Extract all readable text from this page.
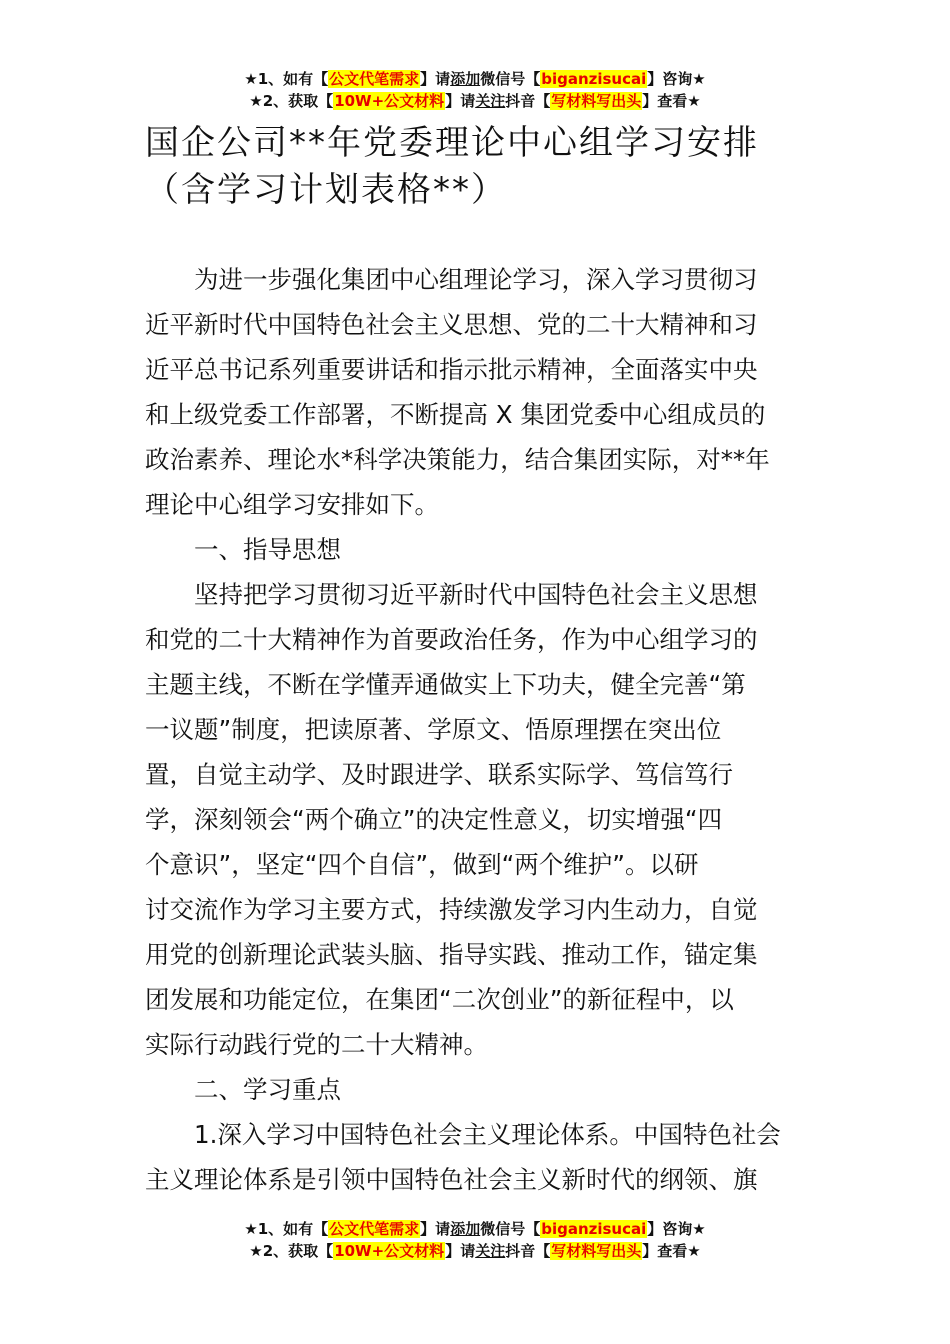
★1、如有【公文代笔需求】请添加微信号【biganzisucai】咨询★
★2、获取【10W+公文材料】请关注抖音【写材料写出头】查看★
国企公司**年党委理论中心组学习安排
（含学习计划表格**）
为进一步强化集团中心组理论学习，深入学习贯彻习
近平新时代中国特色社会主义思想、党的二十大精神和习
近平总书记系列重要讲话和指示批示精神，全面落实中央
和上级党委工作部署，不断提高 X 集团党委中心组成员的
政治素养、理论水*科学决策能力，结合集团实际，对**年
理论中心组学习安排如下。
一、指导思想
坚持把学习贯彻习近平新时代中国特色社会主义思想
和党的二十大精神作为首要政治任务，作为中心组学习的
主题主线，不断在学懂弄通做实上下功夫，健全完善“第
一议题”制度，把读原著、学原文、悟原理摆在突出位
置，自觉主动学、及时跟进学、联系实际学、笃信笃行
学，深刻领会“两个确立”的决定性意义，切实增强“四
个意识”，坚定“四个自信”，做到“两个维护”。以研
讨交流作为学习主要方式，持续激发学习内生动力，自觉
用党的创新理论武装头脑、指导实践、推动工作，锚定集
团发展和功能定位，在集团“二次创业”的新征程中，以
实际行动践行党的二十大精神。
二、学习重点
1.深入学习中国特色社会主义理论体系。中国特色社会
主义理论体系是引领中国特色社会主义新时代的纲领、旗
★1、如有【公文代笔需求】请添加微信号【biganzisucai】咨询★
★2、获取【10W+公文材料】请关注抖音【写材料写出头】查看★
